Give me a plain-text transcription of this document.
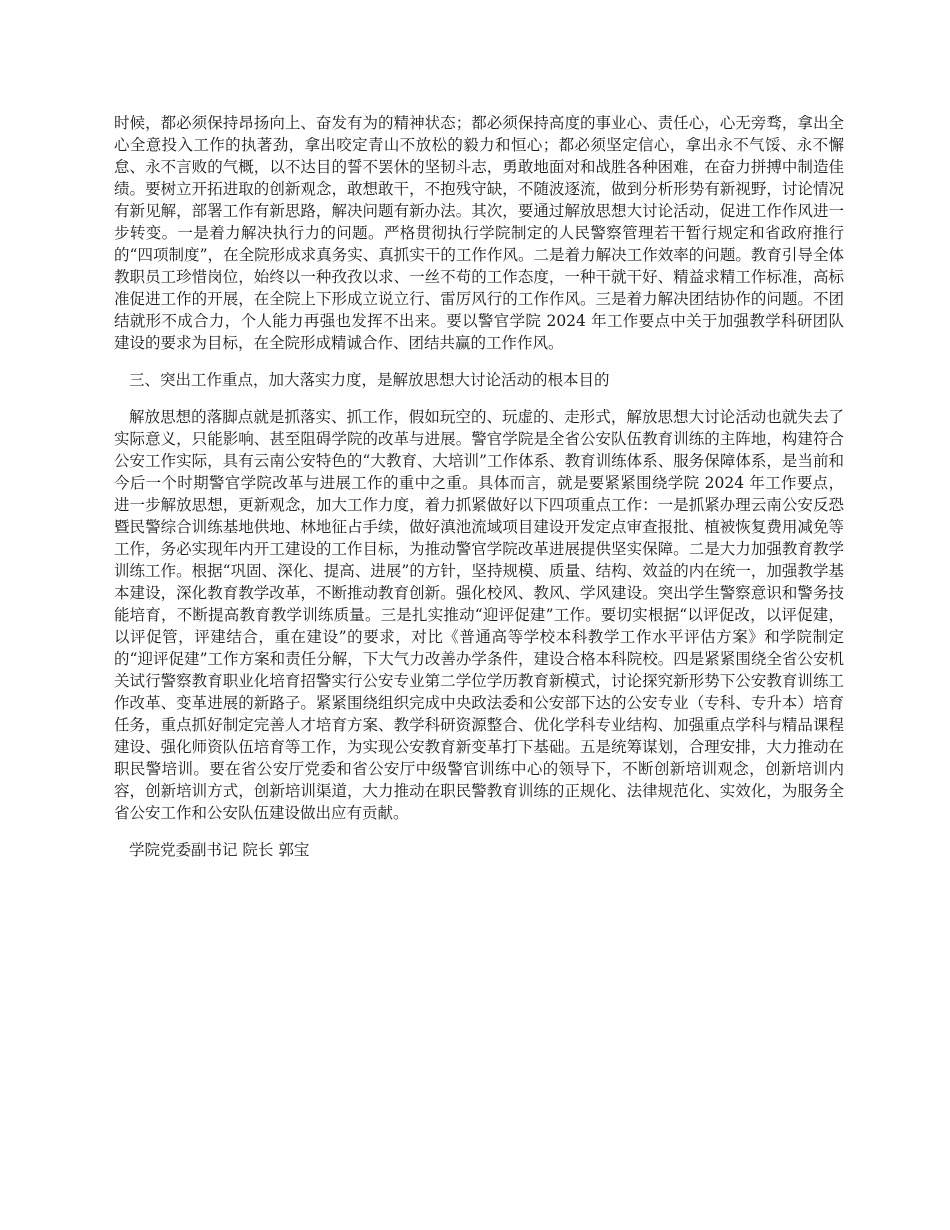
时候，都必须保持昂扬向上、奋发有为的精神状态；都必须保持高度的事业心、责任心，心无旁骛，拿出全心全意投入工作的执著劲，拿出咬定青山不放松的毅力和恒心；都必须坚定信心，拿出永不气馁、永不懈怠、永不言败的气概，以不达目的誓不罢休的坚韧斗志，勇敢地面对和战胜各种困难，在奋力拼搏中制造佳绩。要树立开拓进取的创新观念，敢想敢干，不抱残守缺，不随波逐流，做到分析形势有新视野，讨论情况有新见解，部署工作有新思路，解决问题有新办法。其次，要通过解放思想大讨论活动，促进工作作风进一步转变。一是着力解决执行力的问题。严格贯彻执行学院制定的人民警察管理若干暂行规定和省政府推行的“四项制度”，在全院形成求真务实、真抓实干的工作作风。二是着力解决工作效率的问题。教育引导全体教职员工珍惜岗位，始终以一种孜孜以求、一丝不苟的工作态度，一种干就干好、精益求精工作标准，高标准促进工作的开展，在全院上下形成立说立行、雷厉风行的工作作风。三是着力解决团结协作的问题。不团结就形不成合力，个人能力再强也发挥不出来。要以警官学院 2024 年工作要点中关于加强教学科研团队建设的要求为目标，在全院形成精诚合作、团结共赢的工作作风。

三、突出工作重点，加大落实力度，是解放思想大讨论活动的根本目的

解放思想的落脚点就是抓落实、抓工作，假如玩空的、玩虚的、走形式，解放思想大讨论活动也就失去了实际意义，只能影响、甚至阻碍学院的改革与进展。警官学院是全省公安队伍教育训练的主阵地，构建符合公安工作实际，具有云南公安特色的“大教育、大培训”工作体系、教育训练体系、服务保障体系，是当前和今后一个时期警官学院改革与进展工作的重中之重。具体而言，就是要紧紧围绕学院 2024 年工作要点，进一步解放思想，更新观念，加大工作力度，着力抓紧做好以下四项重点工作：一是抓紧办理云南公安反恐暨民警综合训练基地供地、林地征占手续，做好滇池流域项目建设开发定点审查报批、植被恢复费用减免等工作，务必实现年内开工建设的工作目标，为推动警官学院改革进展提供坚实保障。二是大力加强教育教学训练工作。根据“巩固、深化、提高、进展”的方针，坚持规模、质量、结构、效益的内在统一，加强教学基本建设，深化教育教学改革，不断推动教育创新。强化校风、教风、学风建设。突出学生警察意识和警务技能培育，不断提高教育教学训练质量。三是扎实推动“迎评促建”工作。要切实根据“以评促改，以评促建，以评促管，评建结合，重在建设”的要求，对比《普通高等学校本科教学工作水平评估方案》和学院制定的“迎评促建”工作方案和责任分解，下大气力改善办学条件，建设合格本科院校。四是紧紧围绕全省公安机关试行警察教育职业化培育招警实行公安专业第二学位学历教育新模式，讨论探究新形势下公安教育训练工作改革、变革进展的新路子。紧紧围绕组织完成中央政法委和公安部下达的公安专业（专科、专升本）培育任务，重点抓好制定完善人才培育方案、教学科研资源整合、优化学科专业结构、加强重点学科与精品课程建设、强化师资队伍培育等工作，为实现公安教育新变革打下基础。五是统筹谋划，合理安排，大力推动在职民警培训。要在省公安厅党委和省公安厅中级警官训练中心的领导下，不断创新培训观念，创新培训内容，创新培训方式，创新培训渠道，大力推动在职民警教育训练的正规化、法律规范化、实效化，为服务全省公安工作和公安队伍建设做出应有贡献。

学院党委副书记 院长 郭宝
